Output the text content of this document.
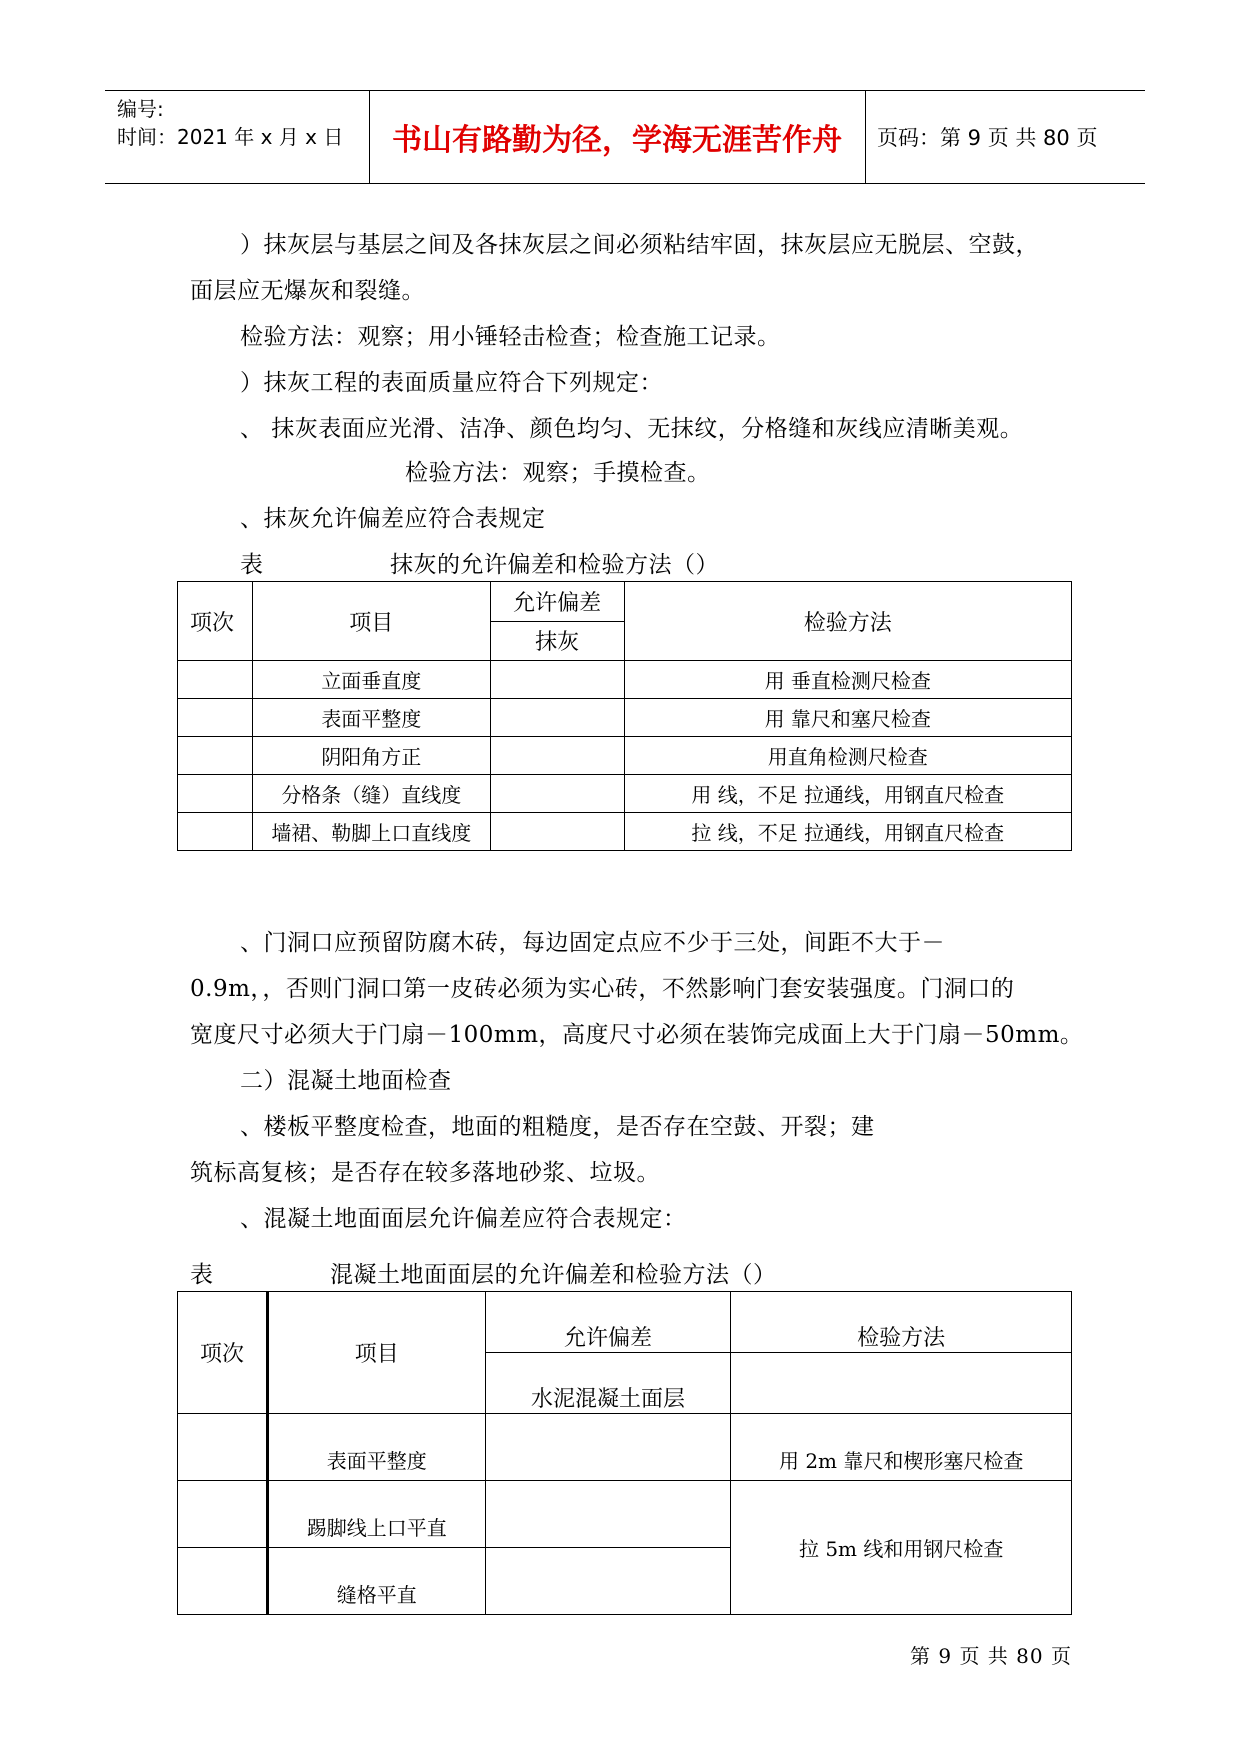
编号:
时间：2021 年 x 月 x 日	书山有路勤为径，学海无涯苦作舟	页码：第 9 页 共 80 页
）抹灰层与基层之间及各抹灰层之间必须粘结牢固，抹灰层应无脱层、空鼓，
面层应无爆灰和裂缝。
检验方法：观察；用小锤轻击检查；检查施工记录。
）抹灰工程的表面质量应符合下列规定：
、 抹灰表面应光滑、洁净、颜色均匀、无抹纹，分格缝和灰线应清晰美观。
检验方法：观察；手摸检查。
、抹灰允许偏差应符合表规定
表	抹灰的允许偏差和检验方法（）
项次	项目	允许偏差	检验方法
		抹灰	
	立面垂直度		用 垂直检测尺检查
	表面平整度		用 靠尺和塞尺检查
	阴阳角方正		用直角检测尺检查
	分格条（缝）直线度		用 线，不足 拉通线，用钢直尺检查
	墙裙、勒脚上口直线度		拉 线，不足 拉通线，用钢直尺检查
、门洞口应预留防腐木砖，每边固定点应不少于三处，间距不大于－
0.9m，，否则门洞口第一皮砖必须为实心砖，不然影响门套安装强度。门洞口的
宽度尺寸必须大于门扇－100mm，高度尺寸必须在装饰完成面上大于门扇－50mm。
二）混凝土地面检查
、楼板平整度检查，地面的粗糙度，是否存在空鼓、开裂；建
筑标高复核；是否存在较多落地砂浆、垃圾。
、混凝土地面面层允许偏差应符合表规定：
表	混凝土地面面层的允许偏差和检验方法（）
项次	项目	允许偏差	检验方法
		水泥混凝土面层	
	表面平整度		用 2m 靠尺和楔形塞尺检查
	踢脚线上口平直		拉 5m 线和用钢尺检查
	缝格平直		
第 9 页 共 80 页
